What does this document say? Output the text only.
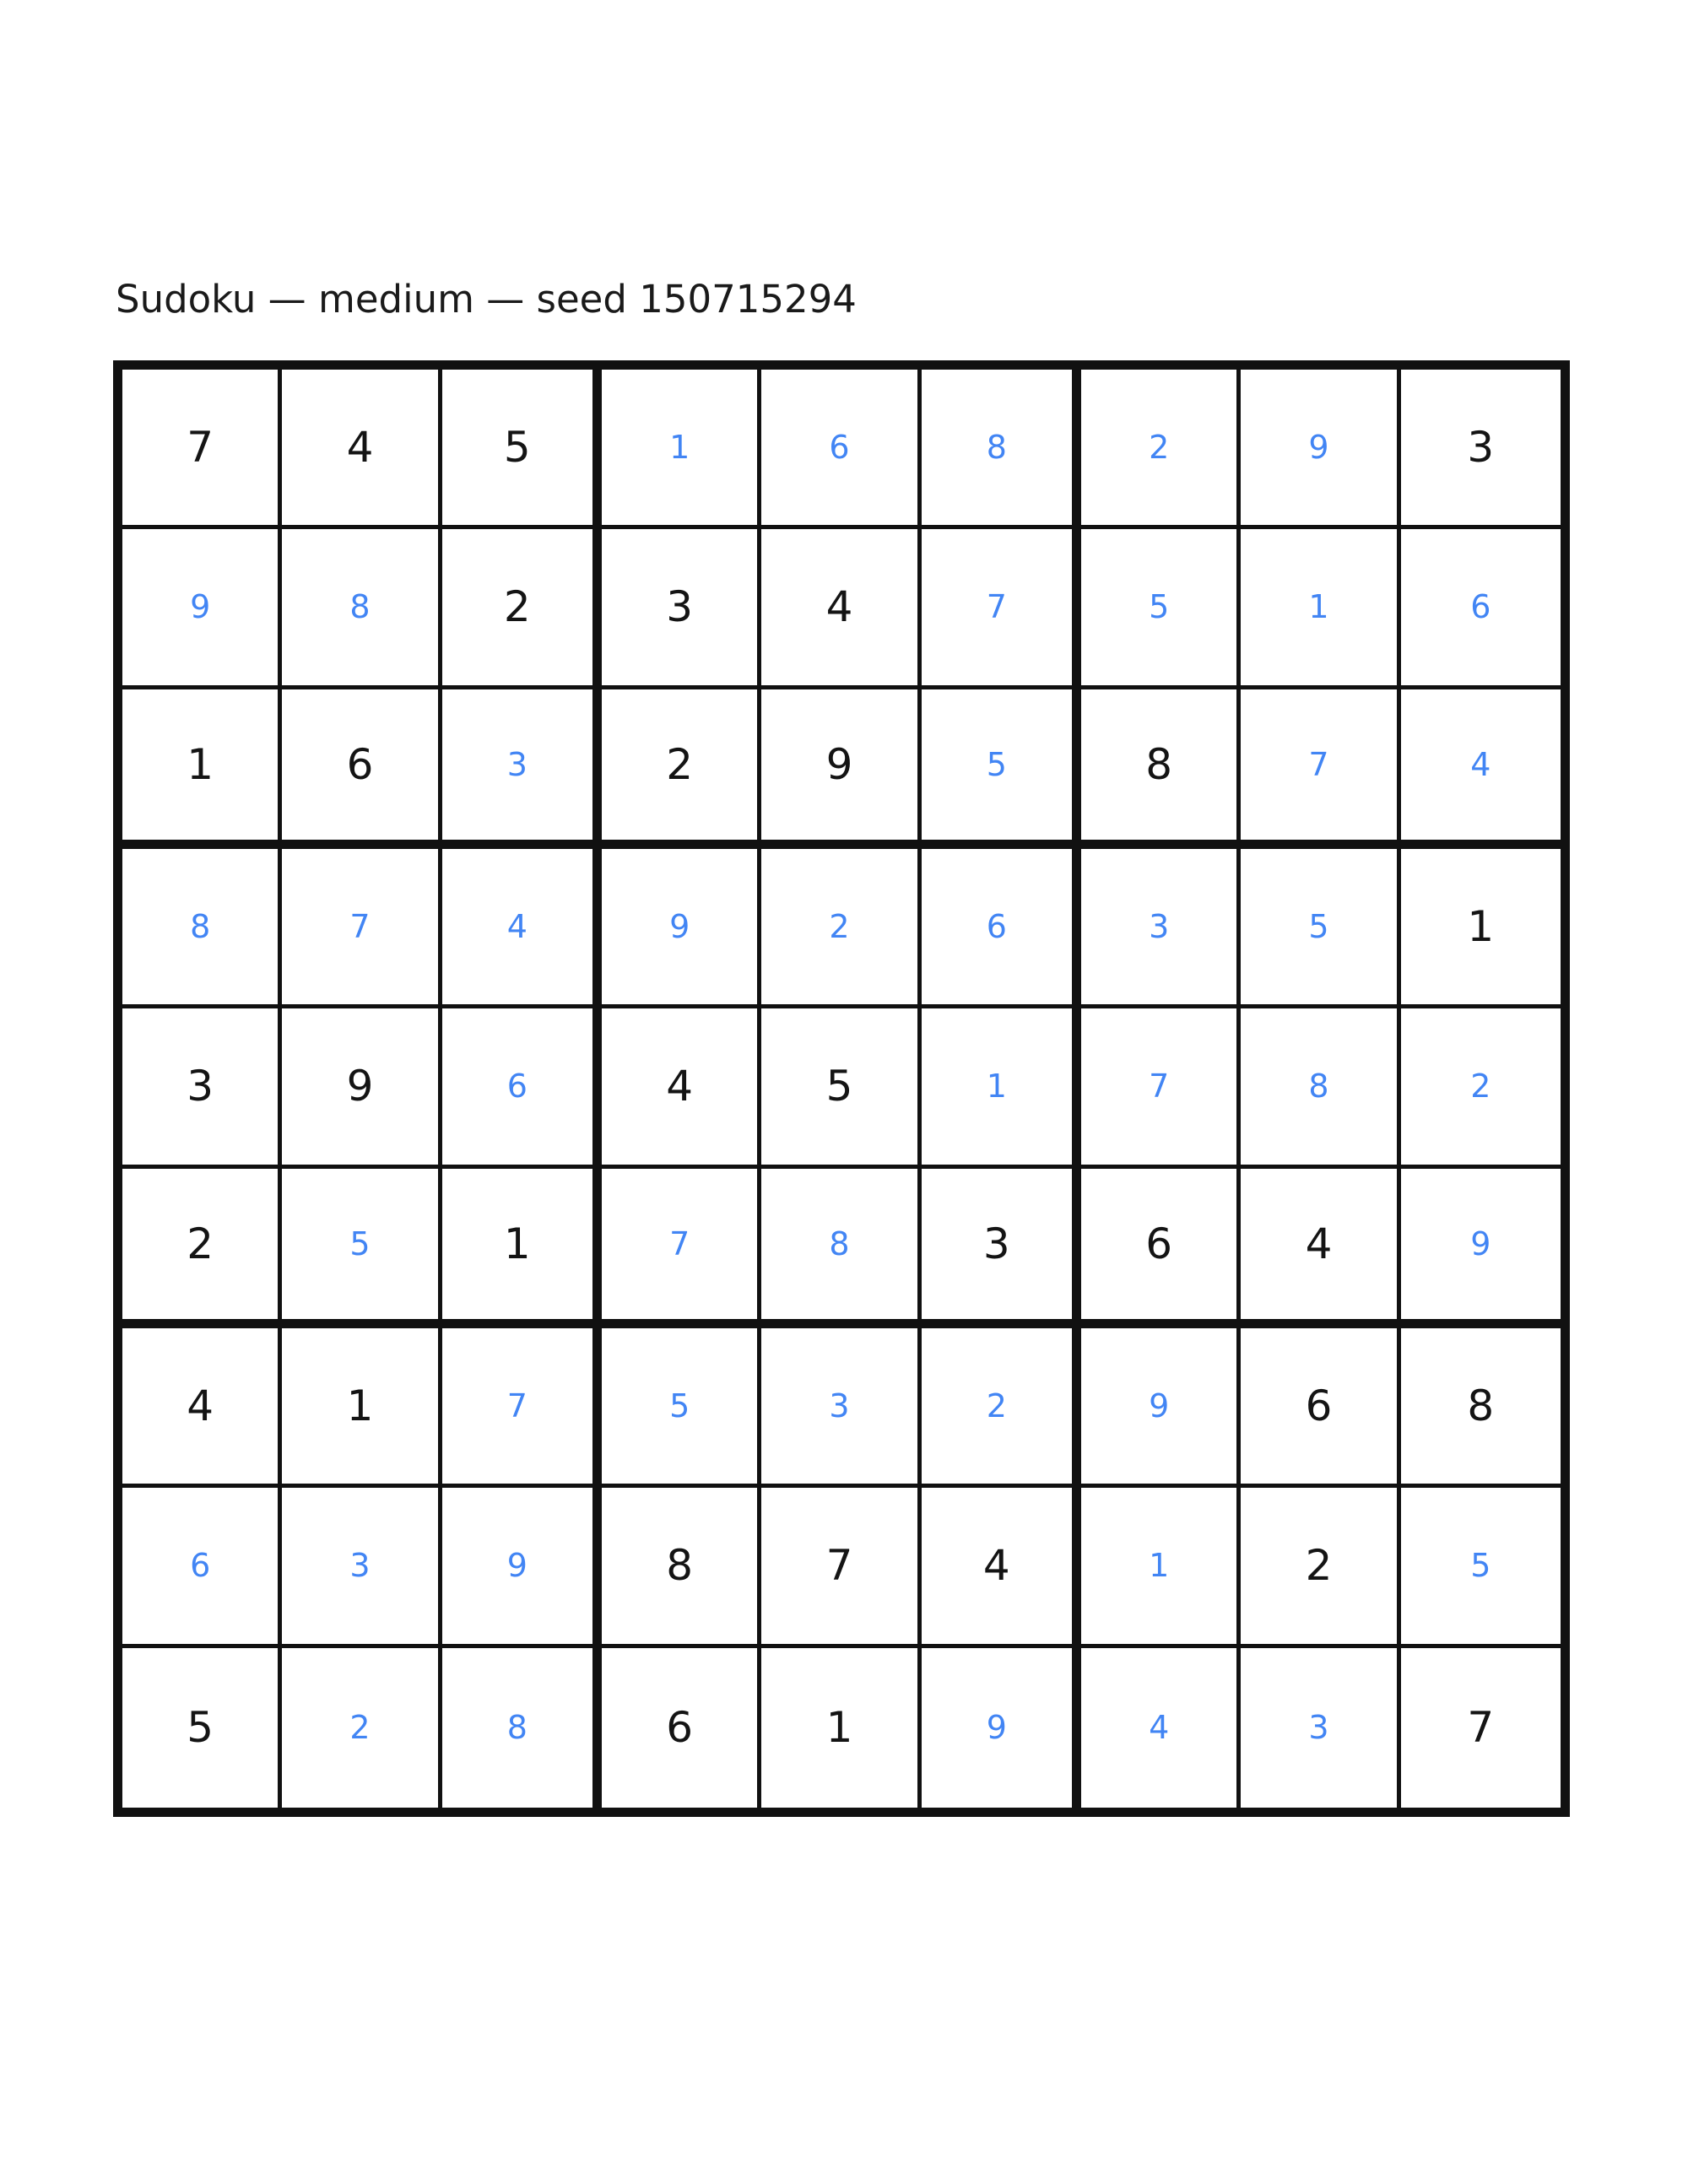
Sudoku — medium — seed 150715294
7	4	5	1	6	8	2	9	3
9	8	2	3	4	7	5	1	6
1	6	3	2	9	5	8	7	4
8	7	4	9	2	6	3	5	1
3	9	6	4	5	1	7	8	2
2	5	1	7	8	3	6	4	9
4	1	7	5	3	2	9	6	8
6	3	9	8	7	4	1	2	5
5	2	8	6	1	9	4	3	7
